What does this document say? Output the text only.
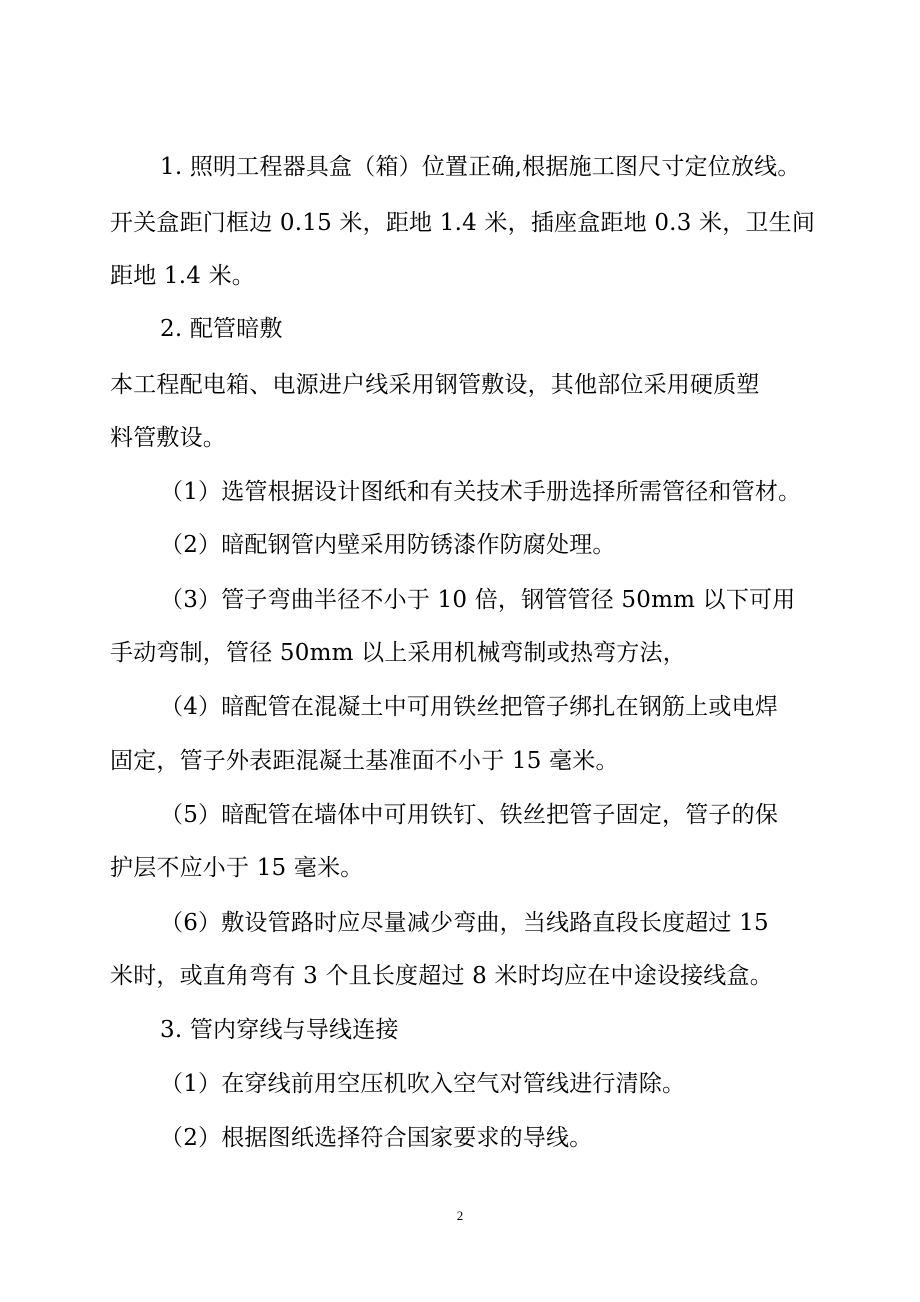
1. 照明工程器具盒（箱）位置正确,根据施工图尺寸定位放线。
开关盒距门框边 0.15 米，距地 1.4 米，插座盒距地 0.3 米，卫生间
距地 1.4 米。
2. 配管暗敷
本工程配电箱、电源进户线采用钢管敷设，其他部位采用硬质塑
料管敷设。
（1）选管根据设计图纸和有关技术手册选择所需管径和管材。
（2）暗配钢管内壁采用防锈漆作防腐处理。
（3）管子弯曲半径不小于 10 倍，钢管管径 50mm 以下可用
手动弯制，管径 50mm 以上采用机械弯制或热弯方法，
（4）暗配管在混凝土中可用铁丝把管子绑扎在钢筋上或电焊
固定，管子外表距混凝土基准面不小于 15 毫米。
（5）暗配管在墙体中可用铁钉、铁丝把管子固定，管子的保
护层不应小于 15 毫米。
（6）敷设管路时应尽量减少弯曲，当线路直段长度超过 15
米时，或直角弯有 3 个且长度超过 8 米时均应在中途设接线盒。
3. 管内穿线与导线连接
（1）在穿线前用空压机吹入空气对管线进行清除。
（2）根据图纸选择符合国家要求的导线。
2
